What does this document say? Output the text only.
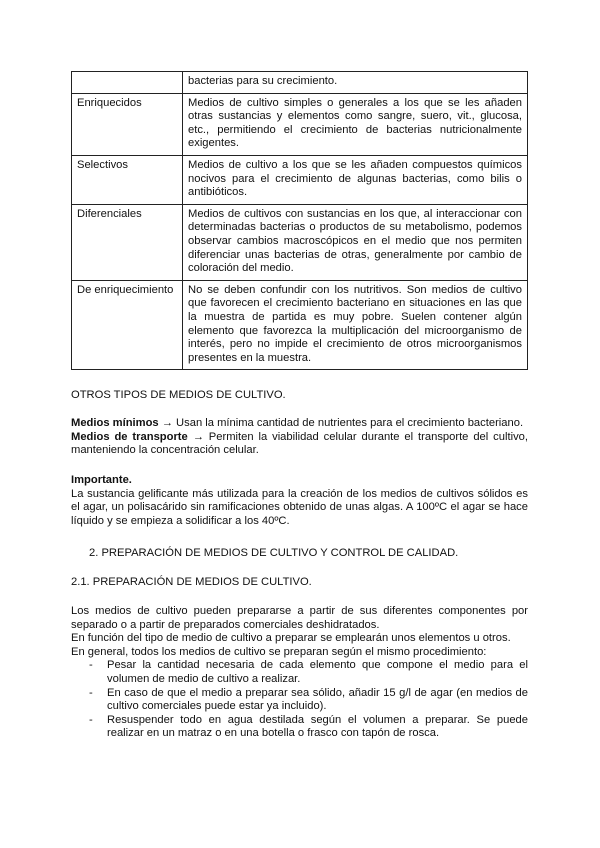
	bacterias para su crecimiento.

Enriquecidos	Medios de cultivo simples o generales a los que se les añaden otras sustancias y elementos como sangre, suero, vit., glucosa, etc., permitiendo el crecimiento de bacterias nutricionalmente exigentes.

Selectivos	Medios de cultivo a los que se les añaden compuestos químicos nocivos para el crecimiento de algunas bacterias, como bilis o antibióticos.

Diferenciales	Medios de cultivos con sustancias en los que, al interaccionar con determinadas bacterias o productos de su metabolismo, podemos observar cambios macroscópicos en el medio que nos permiten diferenciar unas bacterias de otras, generalmente por cambio de coloración del medio.

De enriquecimiento	No se deben confundir con los nutritivos. Son medios de cultivo que favorecen el crecimiento bacteriano en situaciones en las que la muestra de partida es muy pobre. Suelen contener algún elemento que favorezca la multiplicación del microorganismo de interés, pero no impide el crecimiento de otros microorganismos presentes en la muestra.

OTROS TIPOS DE MEDIOS DE CULTIVO.

Medios mínimos → Usan la mínima cantidad de nutrientes para el crecimiento bacteriano.

Medios de transporte → Permiten la viabilidad celular durante el transporte del cultivo, manteniendo la concentración celular.

Importante.

La sustancia gelificante más utilizada para la creación de los medios de cultivos sólidos es el agar, un polisacárido sin ramificaciones obtenido de unas algas. A 100ºC el agar se hace líquido y se empieza a solidificar a los 40ºC.

2. PREPARACIÓN DE MEDIOS DE CULTIVO Y CONTROL DE CALIDAD.

2.1. PREPARACIÓN DE MEDIOS DE CULTIVO.

Los medios de cultivo pueden prepararse a partir de sus diferentes componentes por separado o a partir de preparados comerciales deshidratados.

En función del tipo de medio de cultivo a preparar se emplearán unos elementos u otros.

En general, todos los medios de cultivo se preparan según el mismo procedimiento:

- Pesar la cantidad necesaria de cada elemento que compone el medio para el volumen de medio de cultivo a realizar.
- En caso de que el medio a preparar sea sólido, añadir 15 g/l de agar (en medios de cultivo comerciales puede estar ya incluido).
- Resuspender todo en agua destilada según el volumen a preparar. Se puede realizar en un matraz o en una botella o frasco con tapón de rosca.
